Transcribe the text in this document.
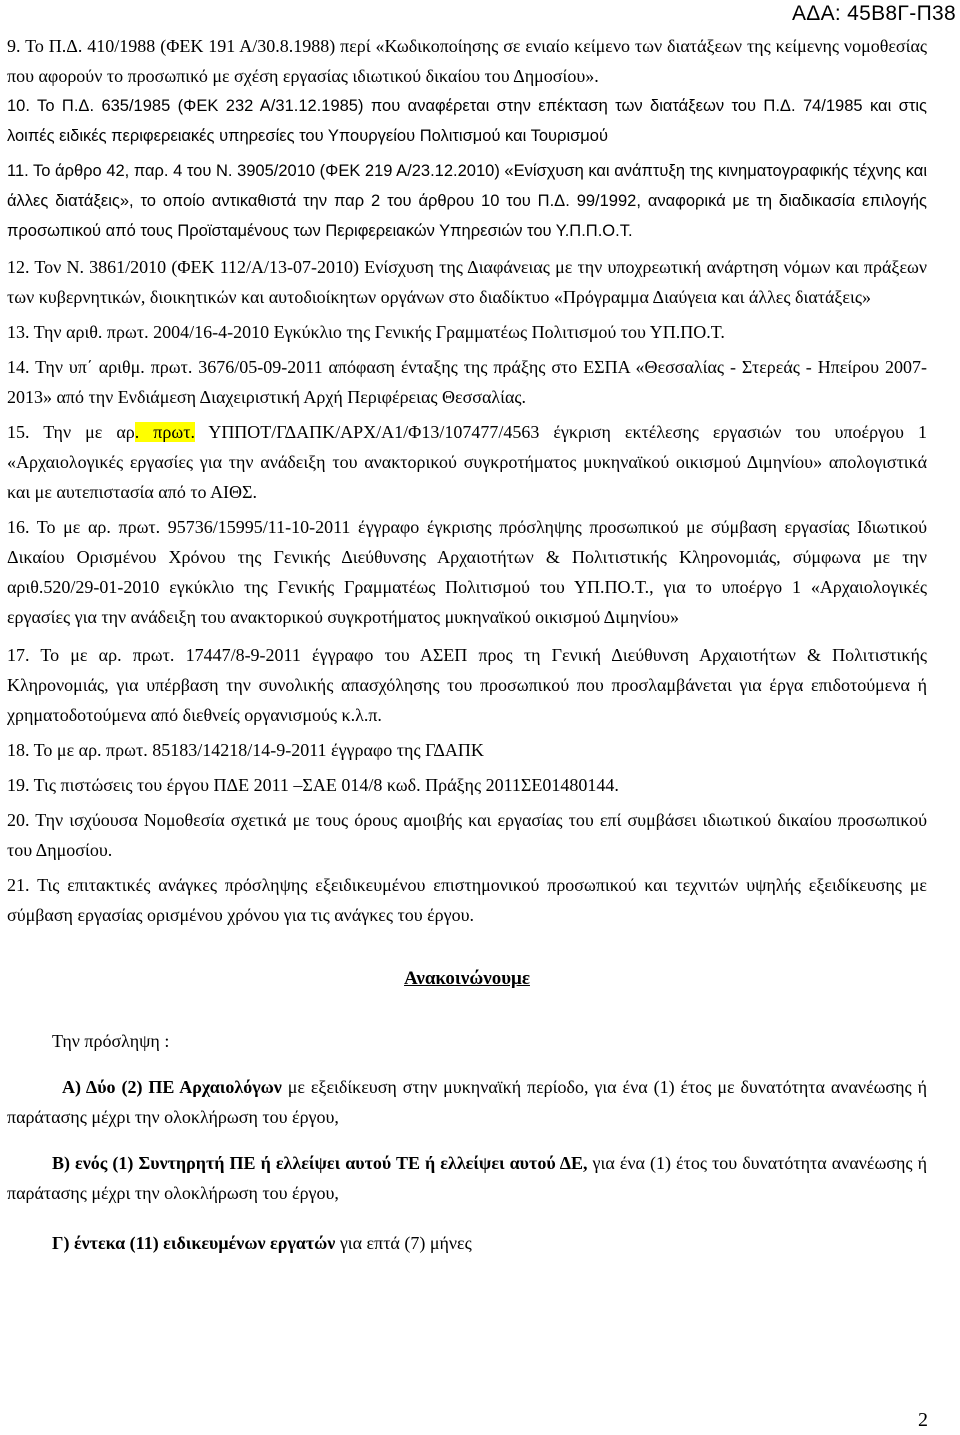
ΑΔΑ: 45Β8Γ-Π38

9. Το Π.Δ. 410/1988 (ΦΕΚ 191 Α/30.8.1988) περί «Κωδικοποίησης σε ενιαίο κείμενο των διατάξεων της κείμενης νομοθεσίας που αφορούν το προσωπικό με σχέση εργασίας ιδιωτικού δικαίου του Δημοσίου».

10. Το Π.Δ. 635/1985 (ΦΕΚ 232 Α/31.12.1985) που αναφέρεται στην επέκταση των διατάξεων του Π.Δ. 74/1985 και στις λοιπές ειδικές περιφερειακές υπηρεσίες του Υπουργείου Πολιτισμού και Τουρισμού

11. Το άρθρο 42, παρ. 4 του Ν. 3905/2010 (ΦΕΚ 219 Α/23.12.2010) «Ενίσχυση και ανάπτυξη της κινηματογραφικής τέχνης και άλλες διατάξεις», το οποίο αντικαθιστά την παρ 2 του άρθρου 10 του Π.Δ. 99/1992, αναφορικά με τη διαδικασία επιλογής προσωπικού από τους Προϊσταμένους των Περιφερειακών Υπηρεσιών του Υ.Π.Π.Ο.Τ.

12. Τον Ν. 3861/2010 (ΦΕΚ 112/Α/13-07-2010) Ενίσχυση της Διαφάνειας με την υποχρεωτική ανάρτηση νόμων και πράξεων των κυβερνητικών, διοικητικών και αυτοδιοίκητων οργάνων στο διαδίκτυο «Πρόγραμμα Διαύγεια και άλλες διατάξεις»

13. Την αριθ. πρωτ. 2004/16-4-2010 Εγκύκλιο της Γενικής Γραμματέως Πολιτισμού του ΥΠ.ΠΟ.Τ.

14. Την υπ΄ αριθμ. πρωτ. 3676/05-09-2011 απόφαση ένταξης της πράξης στο ΕΣΠΑ «Θεσσαλίας - Στερεάς - Ηπείρου 2007-2013» από την Ενδιάμεση Διαχειριστική Αρχή Περιφέρειας Θεσσαλίας.

15. Την με αρ. πρωτ. ΥΠΠΟΤ/ΓΔΑΠΚ/ΑΡΧ/Α1/Φ13/107477/4563 έγκριση εκτέλεσης εργασιών του υποέργου 1 «Αρχαιολογικές εργασίες για την ανάδειξη του ανακτορικού συγκροτήματος μυκηναϊκού οικισμού Διμηνίου» απολογιστικά και με αυτεπιστασία από το ΑΙΘΣ.

16. Το με αρ. πρωτ. 95736/15995/11-10-2011 έγγραφο έγκρισης πρόσληψης προσωπικού με σύμβαση εργασίας Ιδιωτικού Δικαίου Ορισμένου Χρόνου της Γενικής Διεύθυνσης Αρχαιοτήτων & Πολιτιστικής Κληρονομιάς, σύμφωνα με την αριθ.520/29-01-2010 εγκύκλιο της Γενικής Γραμματέως Πολιτισμού του ΥΠ.ΠΟ.Τ., για το υποέργο 1 «Αρχαιολογικές εργασίες για την ανάδειξη του ανακτορικού συγκροτήματος μυκηναϊκού οικισμού Διμηνίου»

17. Το με αρ. πρωτ. 17447/8-9-2011 έγγραφο του ΑΣΕΠ προς τη Γενική Διεύθυνση Αρχαιοτήτων & Πολιτιστικής Κληρονομιάς, για υπέρβαση την συνολικής απασχόλησης του προσωπικού που προσλαμβάνεται για έργα επιδοτούμενα ή χρηματοδοτούμενα από διεθνείς οργανισμούς κ.λ.π.

18. Το με αρ. πρωτ. 85183/14218/14-9-2011 έγγραφο της ΓΔΑΠΚ

19. Τις πιστώσεις του έργου ΠΔΕ 2011 –ΣΑΕ 014/8 κωδ. Πράξης 2011ΣΕ01480144.

20. Την ισχύουσα Νομοθεσία σχετικά με τους όρους αμοιβής και εργασίας του επί συμβάσει ιδιωτικού δικαίου προσωπικού του Δημοσίου.

21. Τις επιτακτικές ανάγκες πρόσληψης εξειδικευμένου επιστημονικού προσωπικού και τεχνιτών υψηλής εξειδίκευσης με σύμβαση εργασίας ορισμένου χρόνου για τις ανάγκες του έργου.

Ανακοινώνουμε

Την πρόσληψη :

Α) Δύο (2) ΠΕ Αρχαιολόγων με εξειδίκευση στην μυκηναϊκή περίοδο, για ένα (1) έτος με δυνατότητα ανανέωσης ή παράτασης μέχρι την ολοκλήρωση του έργου,

Β) ενός (1) Συντηρητή ΠΕ ή ελλείψει αυτού ΤΕ ή ελλείψει αυτού ΔΕ, για ένα (1) έτος του δυνατότητα ανανέωσης ή παράτασης μέχρι την ολοκλήρωση του έργου,

Γ) έντεκα (11) ειδικευμένων εργατών για επτά (7) μήνες

2
